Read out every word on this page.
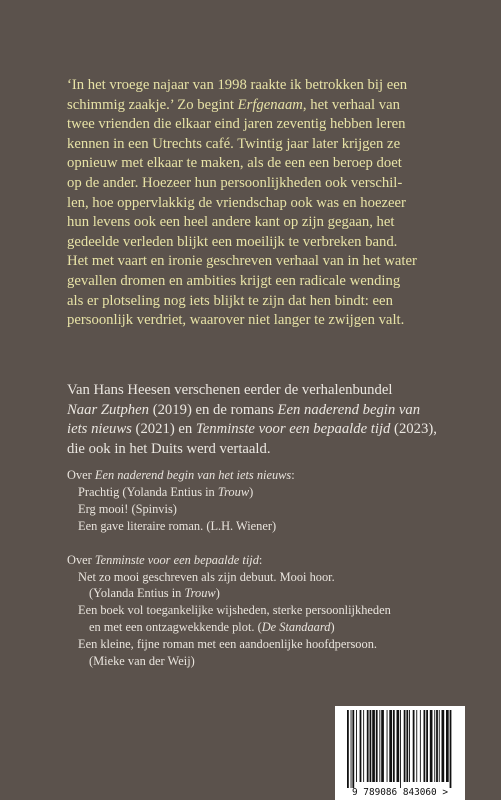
‘In het vroege najaar van 1998 raakte ik betrokken bij een

schimmig zaakje.’ Zo begint Erfgenaam, het verhaal van

twee vrienden die elkaar eind jaren zeventig hebben leren

kennen in een Utrechts café. Twintig jaar later krijgen ze

opnieuw met elkaar te maken, als de een een beroep doet

op de ander. Hoezeer hun persoonlijkheden ook verschil-

len, hoe oppervlakkig de vriendschap ook was en hoezeer

hun levens ook een heel andere kant op zijn gegaan, het

gedeelde verleden blijkt een moeilijk te verbreken band.

Het met vaart en ironie geschreven verhaal van in het water

gevallen dromen en ambities krijgt een radicale wending

als er plotseling nog iets blijkt te zijn dat hen bindt: een

persoonlijk verdriet, waarover niet langer te zwijgen valt.

Van Hans Heesen verschenen eerder de verhalenbundel

Naar Zutphen (2019) en de romans Een naderend begin van

iets nieuws (2021) en Tenminste voor een bepaalde tijd (2023),

die ook in het Duits werd vertaald.

Over Een naderend begin van het iets nieuws:

Prachtig (Yolanda Entius in Trouw)

Erg mooi! (Spinvis)

Een gave literaire roman. (L.H. Wiener)

Over Tenminste voor een bepaalde tijd:

Net zo mooi geschreven als zijn debuut. Mooi hoor.

(Yolanda Entius in Trouw)

Een boek vol toegankelijke wijsheden, sterke persoonlijkheden

en met een ontzagwekkende plot. (De Standaard)

Een kleine, fijne roman met een aandoenlijke hoofdpersoon.

(Mieke van der Weij)

9 789086 843060 >
